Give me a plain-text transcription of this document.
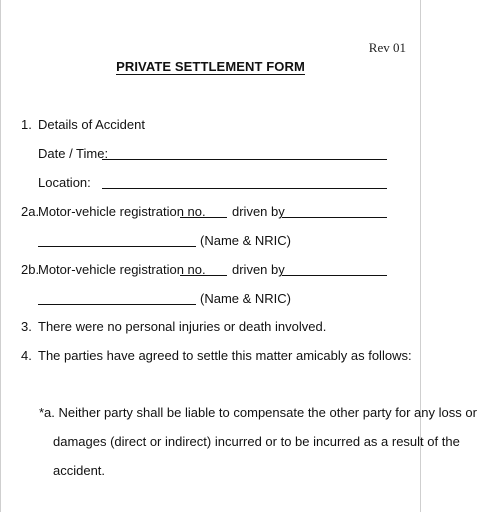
Rev 01
PRIVATE SETTLEMENT FORM
1. Details of Accident
Date / Time:
Location:
2a.
Motor-vehicle registration no. driven by
(Name & NRIC)
2b.
Motor-vehicle registration no. driven by
(Name & NRIC)
3. There were no personal injuries or death involved.
4. The parties have agreed to settle this matter amicably as follows:
*a. Neither party shall be liable to compensate the other party for any loss or
damages (direct or indirect) incurred or to be incurred as a result of the
accident.
